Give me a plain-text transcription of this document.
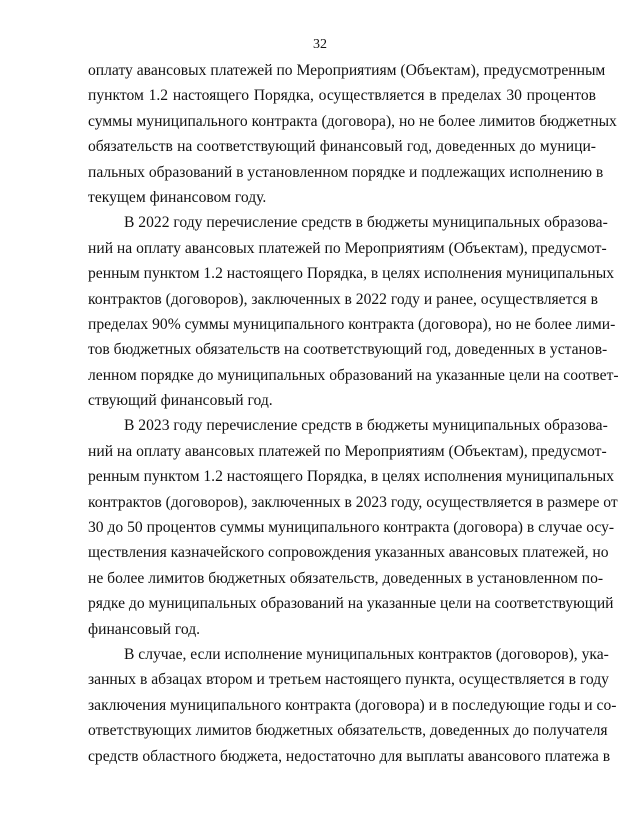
32
оплату авансовых платежей по Мероприятиям (Объектам), предусмотренным
пунктом 1.2 настоящего Порядка, осуществляется в пределах 30 процентов
суммы муниципального контракта (договора), но не более лимитов бюджетных
обязательств на соответствующий финансовый год, доведенных до муници-
пальных образований в установленном порядке и подлежащих исполнению в
текущем финансовом году.
В 2022 году перечисление средств в бюджеты муниципальных образова-
ний на оплату авансовых платежей по Мероприятиям (Объектам), предусмот-
ренным пунктом 1.2 настоящего Порядка, в целях исполнения муниципальных
контрактов (договоров), заключенных в 2022 году и ранее, осуществляется в
пределах 90% суммы муниципального контракта (договора), но не более лими-
тов бюджетных обязательств на соответствующий год, доведенных в установ-
ленном порядке до муниципальных образований на указанные цели на соответ-
ствующий финансовый год.
В 2023 году перечисление средств в бюджеты муниципальных образова-
ний на оплату авансовых платежей по Мероприятиям (Объектам), предусмот-
ренным пунктом 1.2 настоящего Порядка, в целях исполнения муниципальных
контрактов (договоров), заключенных в 2023 году, осуществляется в размере от
30 до 50 процентов суммы муниципального контракта (договора) в случае осу-
ществления казначейского сопровождения указанных авансовых платежей, но
не более лимитов бюджетных обязательств, доведенных в установленном по-
рядке до муниципальных образований на указанные цели на соответствующий
финансовый год.
В случае, если исполнение муниципальных контрактов (договоров), ука-
занных в абзацах втором и третьем настоящего пункта, осуществляется в году
заключения муниципального контракта (договора) и в последующие годы и со-
ответствующих лимитов бюджетных обязательств, доведенных до получателя
средств областного бюджета, недостаточно для выплаты авансового платежа в
